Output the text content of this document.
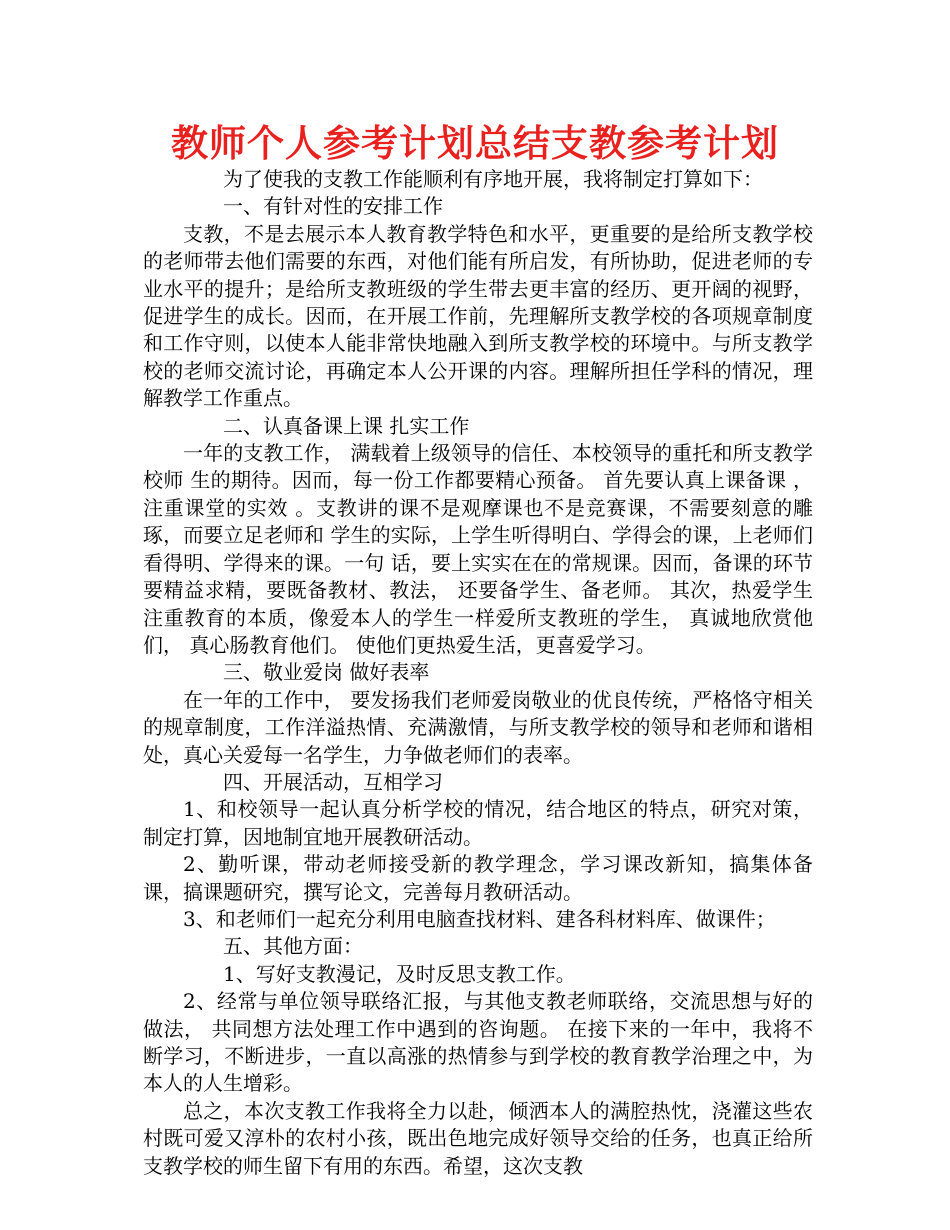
教师个人参考计划总结支教参考计划
为了使我的支教工作能顺利有序地开展，我将制定打算如下：
一、有针对性的安排工作
支教，不是去展示本人教育教学特色和水平，更重要的是给所支教学校的老师带去他们需要的东西，对他们能有所启发，有所协助，促进老师的专业水平的提升；是给所支教班级的学生带去更丰富的经历、更开阔的视野，促进学生的成长。因而，在开展工作前，先理解所支教学校的各项规章制度和工作守则，以使本人能非常快地融入到所支教学校的环境中。与所支教学校的老师交流讨论，再确定本人公开课的内容。理解所担任学科的情况，理解教学工作重点。
二、认真备课上课 扎实工作
一年的支教工作， 满载着上级领导的信任、本校领导的重托和所支教学校师 生的期待。因而，每一份工作都要精心预备。 首先要认真上课备课 ，注重课堂的实效 。支教讲的课不是观摩课也不是竞赛课，不需要刻意的雕琢，而要立足老师和 学生的实际，上学生听得明白、学得会的课，上老师们看得明、学得来的课。一句 话，要上实实在在的常规课。因而，备课的环节要精益求精，要既备教材、教法， 还要备学生、备老师。 其次，热爱学生注重教育的本质，像爱本人的学生一样爱所支教班的学生， 真诚地欣赏他们， 真心肠教育他们。 使他们更热爱生活，更喜爱学习。
三、敬业爱岗 做好表率
在一年的工作中， 要发扬我们老师爱岗敬业的优良传统，严格恪守相关的规章制度，工作洋溢热情、充满激情，与所支教学校的领导和老师和谐相处，真心关爱每一名学生，力争做老师们的表率。
四、开展活动，互相学习
1、和校领导一起认真分析学校的情况，结合地区的特点，研究对策，制定打算，因地制宜地开展教研活动。
2、勤听课，带动老师接受新的教学理念，学习课改新知，搞集体备课，搞课题研究，撰写论文，完善每月教研活动。
3、和老师们一起充分利用电脑查找材料、建各科材料库、做课件；
五、其他方面：
1、写好支教漫记，及时反思支教工作。
2、经常与单位领导联络汇报，与其他支教老师联络，交流思想与好的做法， 共同想方法处理工作中遇到的咨询题。 在接下来的一年中，我将不断学习，不断进步，一直以高涨的热情参与到学校的教育教学治理之中，为本人的人生增彩。
总之，本次支教工作我将全力以赴，倾洒本人的满腔热忱，浇灌这些农村既可爱又淳朴的农村小孩，既出色地完成好领导交给的任务，也真正给所支教学校的师生留下有用的东西。希望，这次支教
